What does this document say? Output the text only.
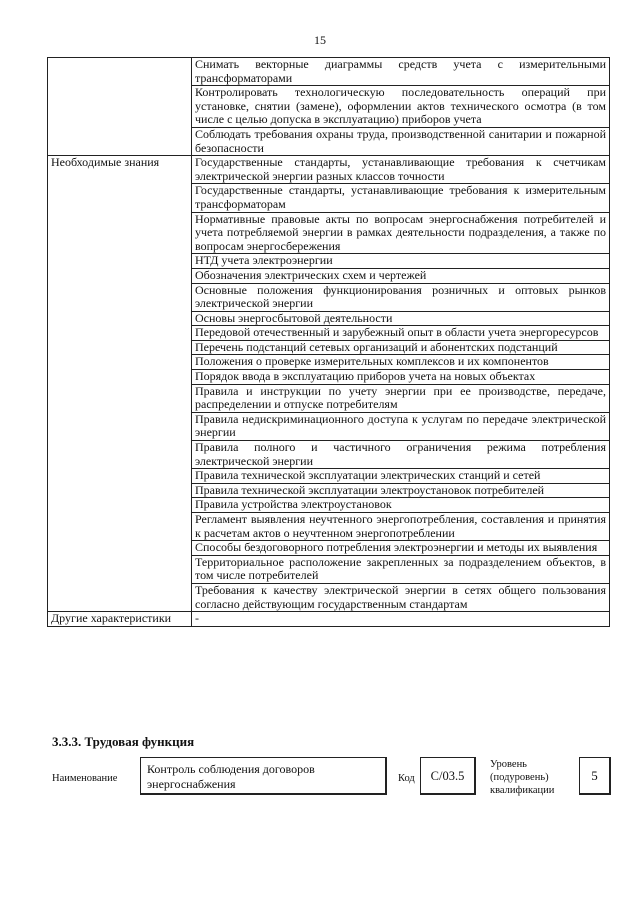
15
	Снимать векторные диаграммы средств учета с измерительными трансформаторами
	Контролировать технологическую последовательность операций при установке, снятии (замене), оформлении актов технического осмотра (в том числе с целью допуска в эксплуатацию) приборов учета
	Соблюдать требования охраны труда, производственной санитарии и пожарной безопасности
Необходимые знания	Государственные стандарты, устанавливающие требования к счетчикам электрической энергии разных классов точности
	Государственные стандарты, устанавливающие требования к измерительным трансформаторам
	Нормативные правовые акты по вопросам энергоснабжения потребителей и учета потребляемой энергии в рамках деятельности подразделения, а также по вопросам энергосбережения
	НТД учета электроэнергии
	Обозначения электрических схем и чертежей
	Основные положения функционирования розничных и оптовых рынков электрической энергии
	Основы энергосбытовой деятельности
	Передовой отечественный и зарубежный опыт в области учета энергоресурсов
	Перечень подстанций сетевых организаций и абонентских подстанций
	Положения о проверке измерительных комплексов и их компонентов
	Порядок ввода в эксплуатацию приборов учета на новых объектах
	Правила и инструкции по учету энергии при ее производстве, передаче, распределении и отпуске потребителям
	Правила недискриминационного доступа к услугам по передаче электрической энергии
	Правила полного и частичного ограничения режима потребления электрической энергии
	Правила технической эксплуатации электрических станций и сетей
	Правила технической эксплуатации электроустановок потребителей
	Правила устройства электроустановок
	Регламент выявления неучтенного энергопотребления, составления и принятия к расчетам актов о неучтенном энергопотреблении
	Способы бездоговорного потребления электроэнергии и методы их выявления
	Территориальное расположение закрепленных за подразделением объектов, в том числе потребителей
	Требования к качеству электрической энергии в сетях общего пользования согласно действующим государственным стандартам
Другие характеристики	-
3.3.3. Трудовая функция
Наименование
Контроль соблюдения договоров энергоснабжения	Код	C/03.5
Уровень (подуровень) квалификации
5
